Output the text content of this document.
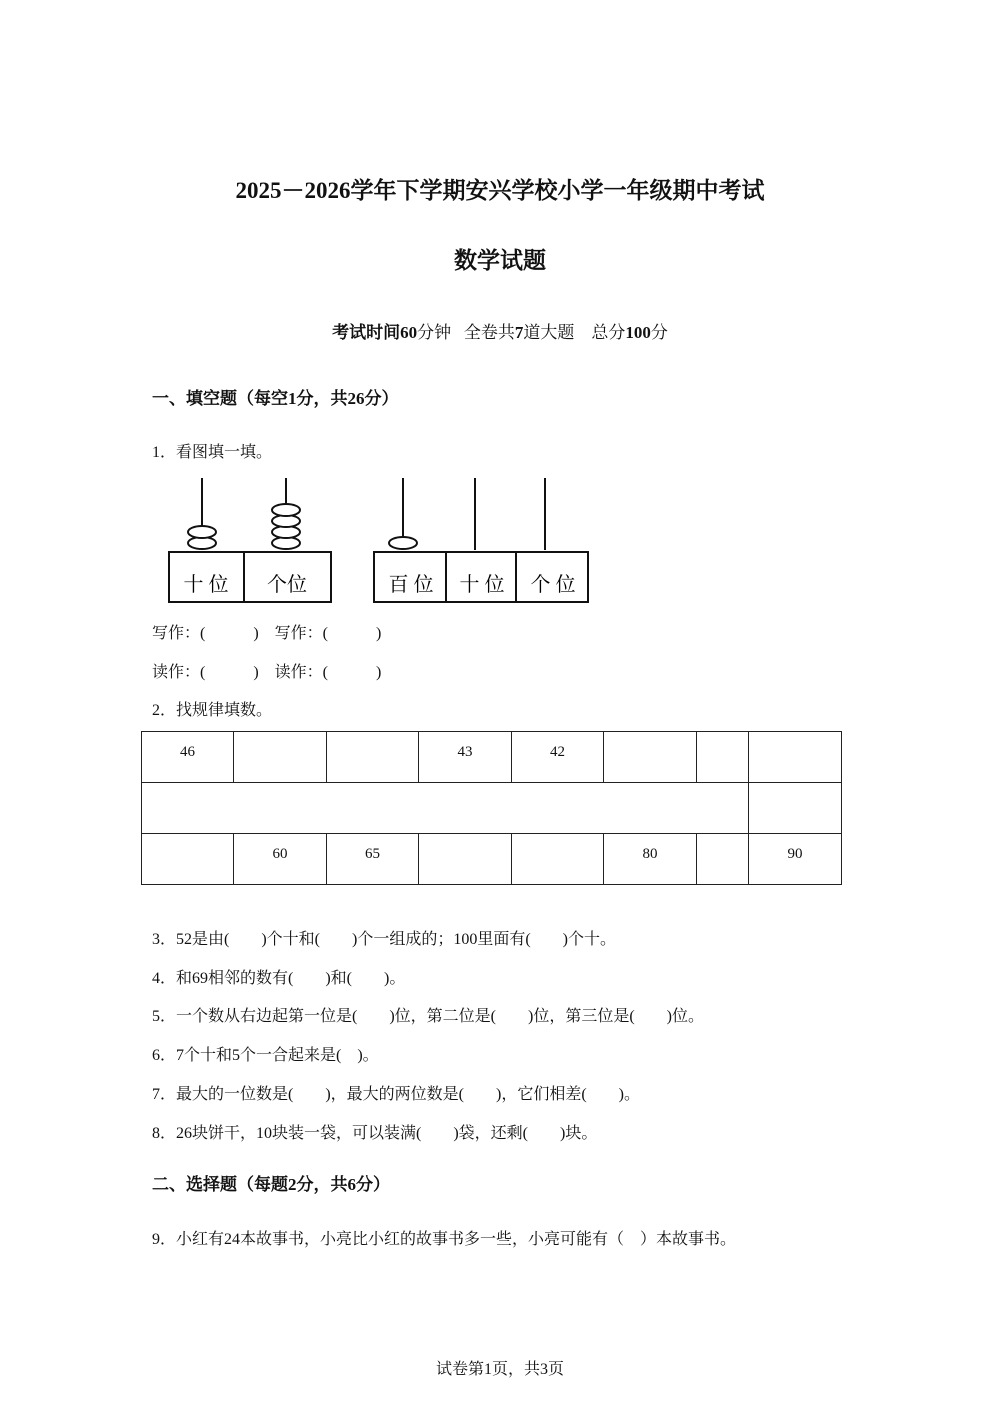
2025－2026学年下学期安兴学校小学一年级期中考试
数学试题
考试时间60分钟 全卷共7道大题 总分100分
一、填空题（每空1分，共26分）
1．看图填一填。
十 位 个位	百 位 十 位 个 位
写作：(　　　)　写作：(　　　)
读作：(　　　)　读作：(　　　)
2．找规律填数。
46			43	42			

	60	65			80		90
3．52是由(　　)个十和(　　)个一组成的；100里面有(　　)个十。
4．和69相邻的数有(　　)和(　　)。
5．一个数从右边起第一位是(　　)位，第二位是(　　)位，第三位是(　　)位。
6．7个十和5个一合起来是(　)。
7．最大的一位数是(　　)，最大的两位数是(　　)，它们相差(　　)。
8．26块饼干，10块装一袋，可以装满(　　)袋，还剩(　　)块。
二、选择题（每题2分，共6分）
9．小红有24本故事书，小亮比小红的故事书多一些，小亮可能有（　）本故事书。
试卷第1页，共3页
